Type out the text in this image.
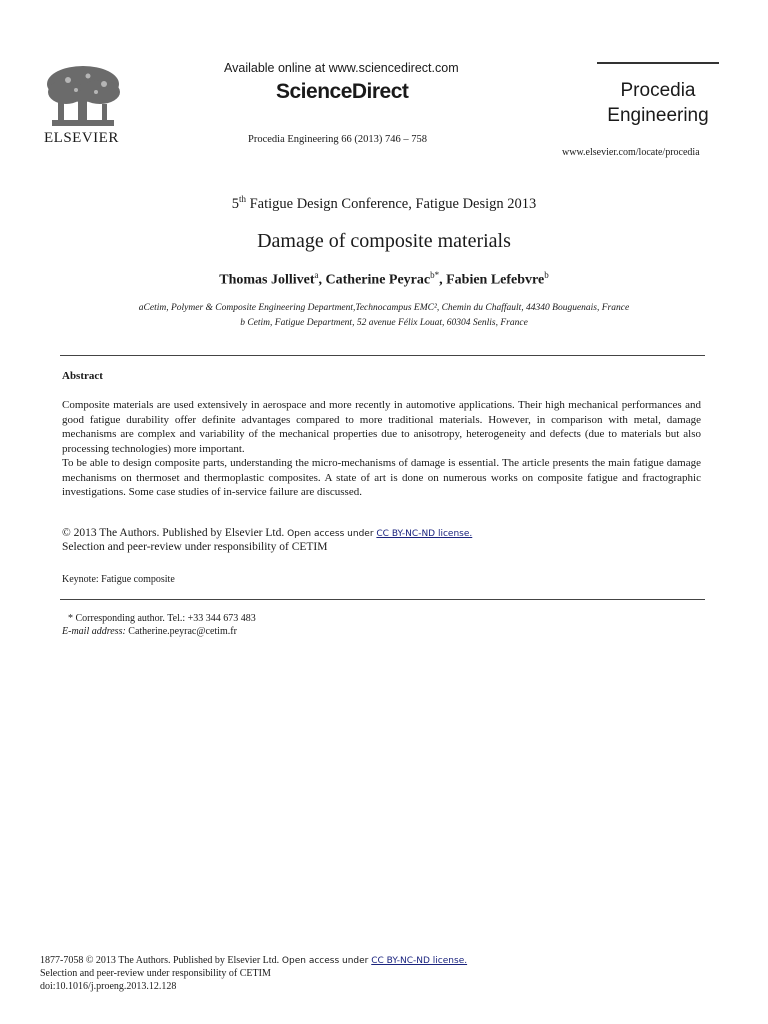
ELSEVIER
Available online at www.sciencedirect.com
ScienceDirect
Procedia Engineering 66 (2013) 746 – 758
Procedia
Engineering
www.elsevier.com/locate/procedia
5th Fatigue Design Conference, Fatigue Design 2013
Damage of composite materials
Thomas Jollivet$^a$, Catherine Peyrac$^{b*}$, Fabien Lefebvre$^b$
aCetim, Polymer & Composite Engineering Department,Technocampus EMC², Chemin du Chaffault, 44340 Bouguenais, France
b Cetim, Fatigue Department, 52 avenue Félix Louat, 60304 Senlis, France
Abstract

Composite materials are used extensively in aerospace and more recently in automotive applications. Their high mechanical performances and good fatigue durability offer definite advantages compared to more traditional materials. However, in comparison with metal, damage mechanisms are complex and variability of the mechanical properties due to anisotropy, heterogeneity and defects (due to materials but also processing technologies) more important.

To be able to design composite parts, understanding the micro-mechanisms of damage is essential. The article presents the main fatigue damage mechanisms on thermoset and thermoplastic composites. A state of art is done on numerous works on composite fatigue and fractographic investigations. Some case studies of in-service failure are discussed.

© 2013 The Authors. Published by Elsevier Ltd. Open access under CC BY-NC-ND license.
Selection and peer-review under responsibility of CETIM
Keynote: Fatigue composite
* Corresponding author. Tel.: +33 344 673 483
E-mail address: Catherine.peyrac@cetim.fr
1877-7058 © 2013 The Authors. Published by Elsevier Ltd. Open access under CC BY-NC-ND license.
Selection and peer-review under responsibility of CETIM
doi:10.1016/j.proeng.2013.12.128
